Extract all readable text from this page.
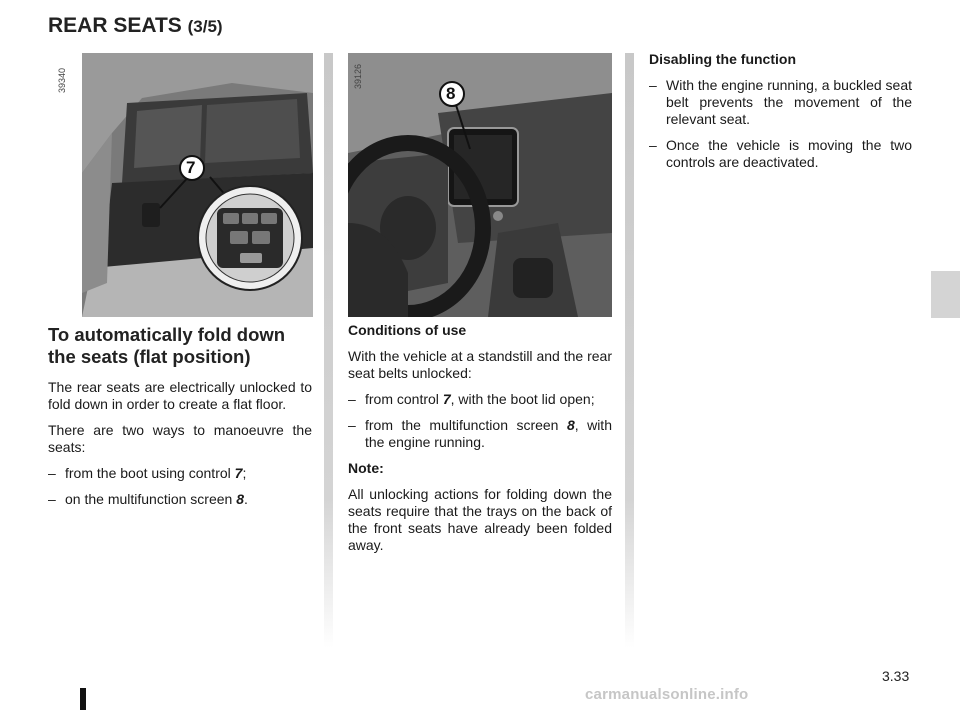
REAR SEATS (3/5)
7
39340
8
39126
To automatically fold down
the seats (flat position)

The rear seats are electrically unlocked to fold down in order to create a flat floor.

There are two ways to manoeuvre the seats:

– from the boot using control 7;
– on the multifunction screen 8.
Conditions of use

With the vehicle at a standstill and the rear seat belts unlocked:

– from control 7, with the boot lid open;
– from the multifunction screen 8, with the engine running.

Note:

All unlocking actions for folding down the seats require that the trays on the back of the front seats have already been folded away.

Disabling the function
– With the engine running, a buckled seat belt prevents the movement of the relevant seat.
– Once the vehicle is moving the two controls are deactivated.
3.33
carmanualsonline.info
